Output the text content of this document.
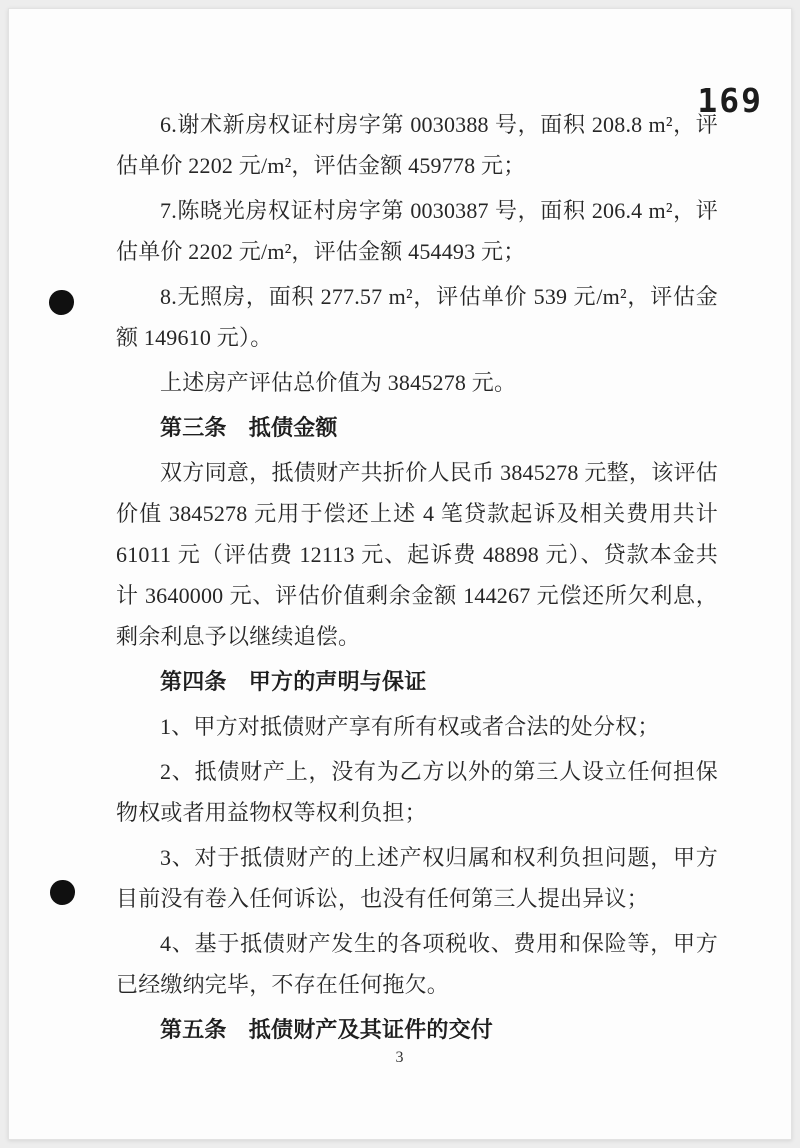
169
6.谢术新房权证村房字第 0030388 号，面积 208.8 m²，评估单价 2202 元/m²，评估金额 459778 元；
7.陈晓光房权证村房字第 0030387 号，面积 206.4 m²，评估单价 2202 元/m²，评估金额 454493 元；
8.无照房，面积 277.57 m²，评估单价 539 元/m²，评估金额 149610 元）。
上述房产评估总价值为 3845278 元。
第三条　抵债金额
双方同意，抵债财产共折价人民币 3845278 元整，该评估价值 3845278 元用于偿还上述 4 笔贷款起诉及相关费用共计 61011 元（评估费 12113 元、起诉费 48898 元）、贷款本金共计 3640000 元、评估价值剩余金额 144267 元偿还所欠利息，剩余利息予以继续追偿。
第四条　甲方的声明与保证
1、甲方对抵债财产享有所有权或者合法的处分权；
2、抵债财产上，没有为乙方以外的第三人设立任何担保物权或者用益物权等权利负担；
3、对于抵债财产的上述产权归属和权利负担问题，甲方目前没有卷入任何诉讼，也没有任何第三人提出异议；
4、基于抵债财产发生的各项税收、费用和保险等，甲方已经缴纳完毕，不存在任何拖欠。
第五条　抵债财产及其证件的交付
3
